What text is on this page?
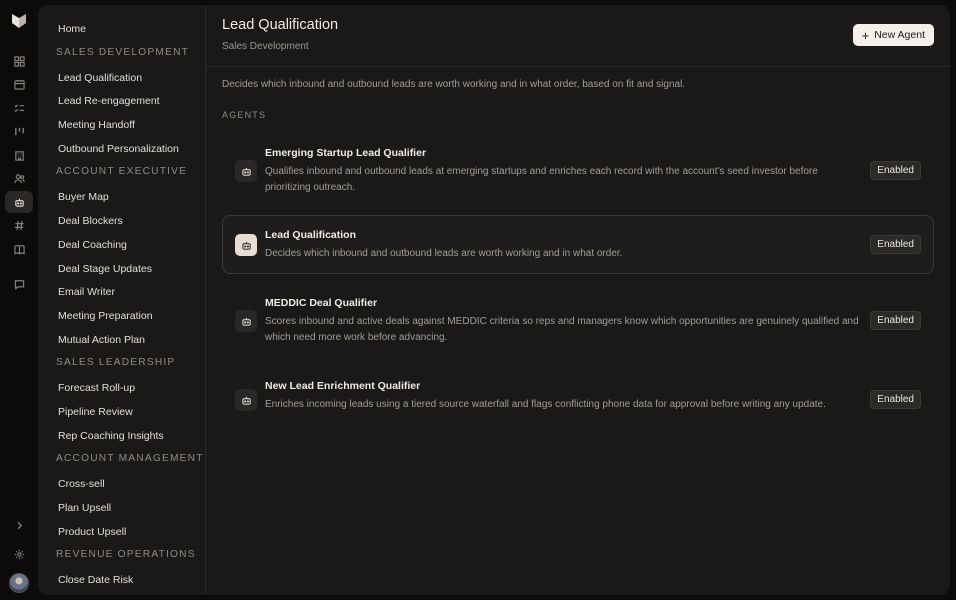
Home
SALES DEVELOPMENT
Lead Qualification
Lead Re-engagement
Meeting Handoff
Outbound Personalization
ACCOUNT EXECUTIVE
Buyer Map
Deal Blockers
Deal Coaching
Deal Stage Updates
Email Writer
Meeting Preparation
Mutual Action Plan
SALES LEADERSHIP
Forecast Roll-up
Pipeline Review
Rep Coaching Insights
ACCOUNT MANAGEMENT
Cross-sell
Plan Upsell
Product Upsell
REVENUE OPERATIONS
Close Date Risk
Lead Qualification
Sales Development
+ New Agent
Decides which inbound and outbound leads are worth working and in what order, based on fit and signal.
AGENTS
Emerging Startup Lead Qualifier
Qualifies inbound and outbound leads at emerging startups and enriches each record with the account's seed investor before prioritizing outreach.
Enabled
Lead Qualification
Decides which inbound and outbound leads are worth working and in what order.
Enabled
MEDDIC Deal Qualifier
Scores inbound and active deals against MEDDIC criteria so reps and managers know which opportunities are genuinely qualified and which need more work before advancing.
Enabled
New Lead Enrichment Qualifier
Enriches incoming leads using a tiered source waterfall and flags conflicting phone data for approval before writing any update.	Enabled
